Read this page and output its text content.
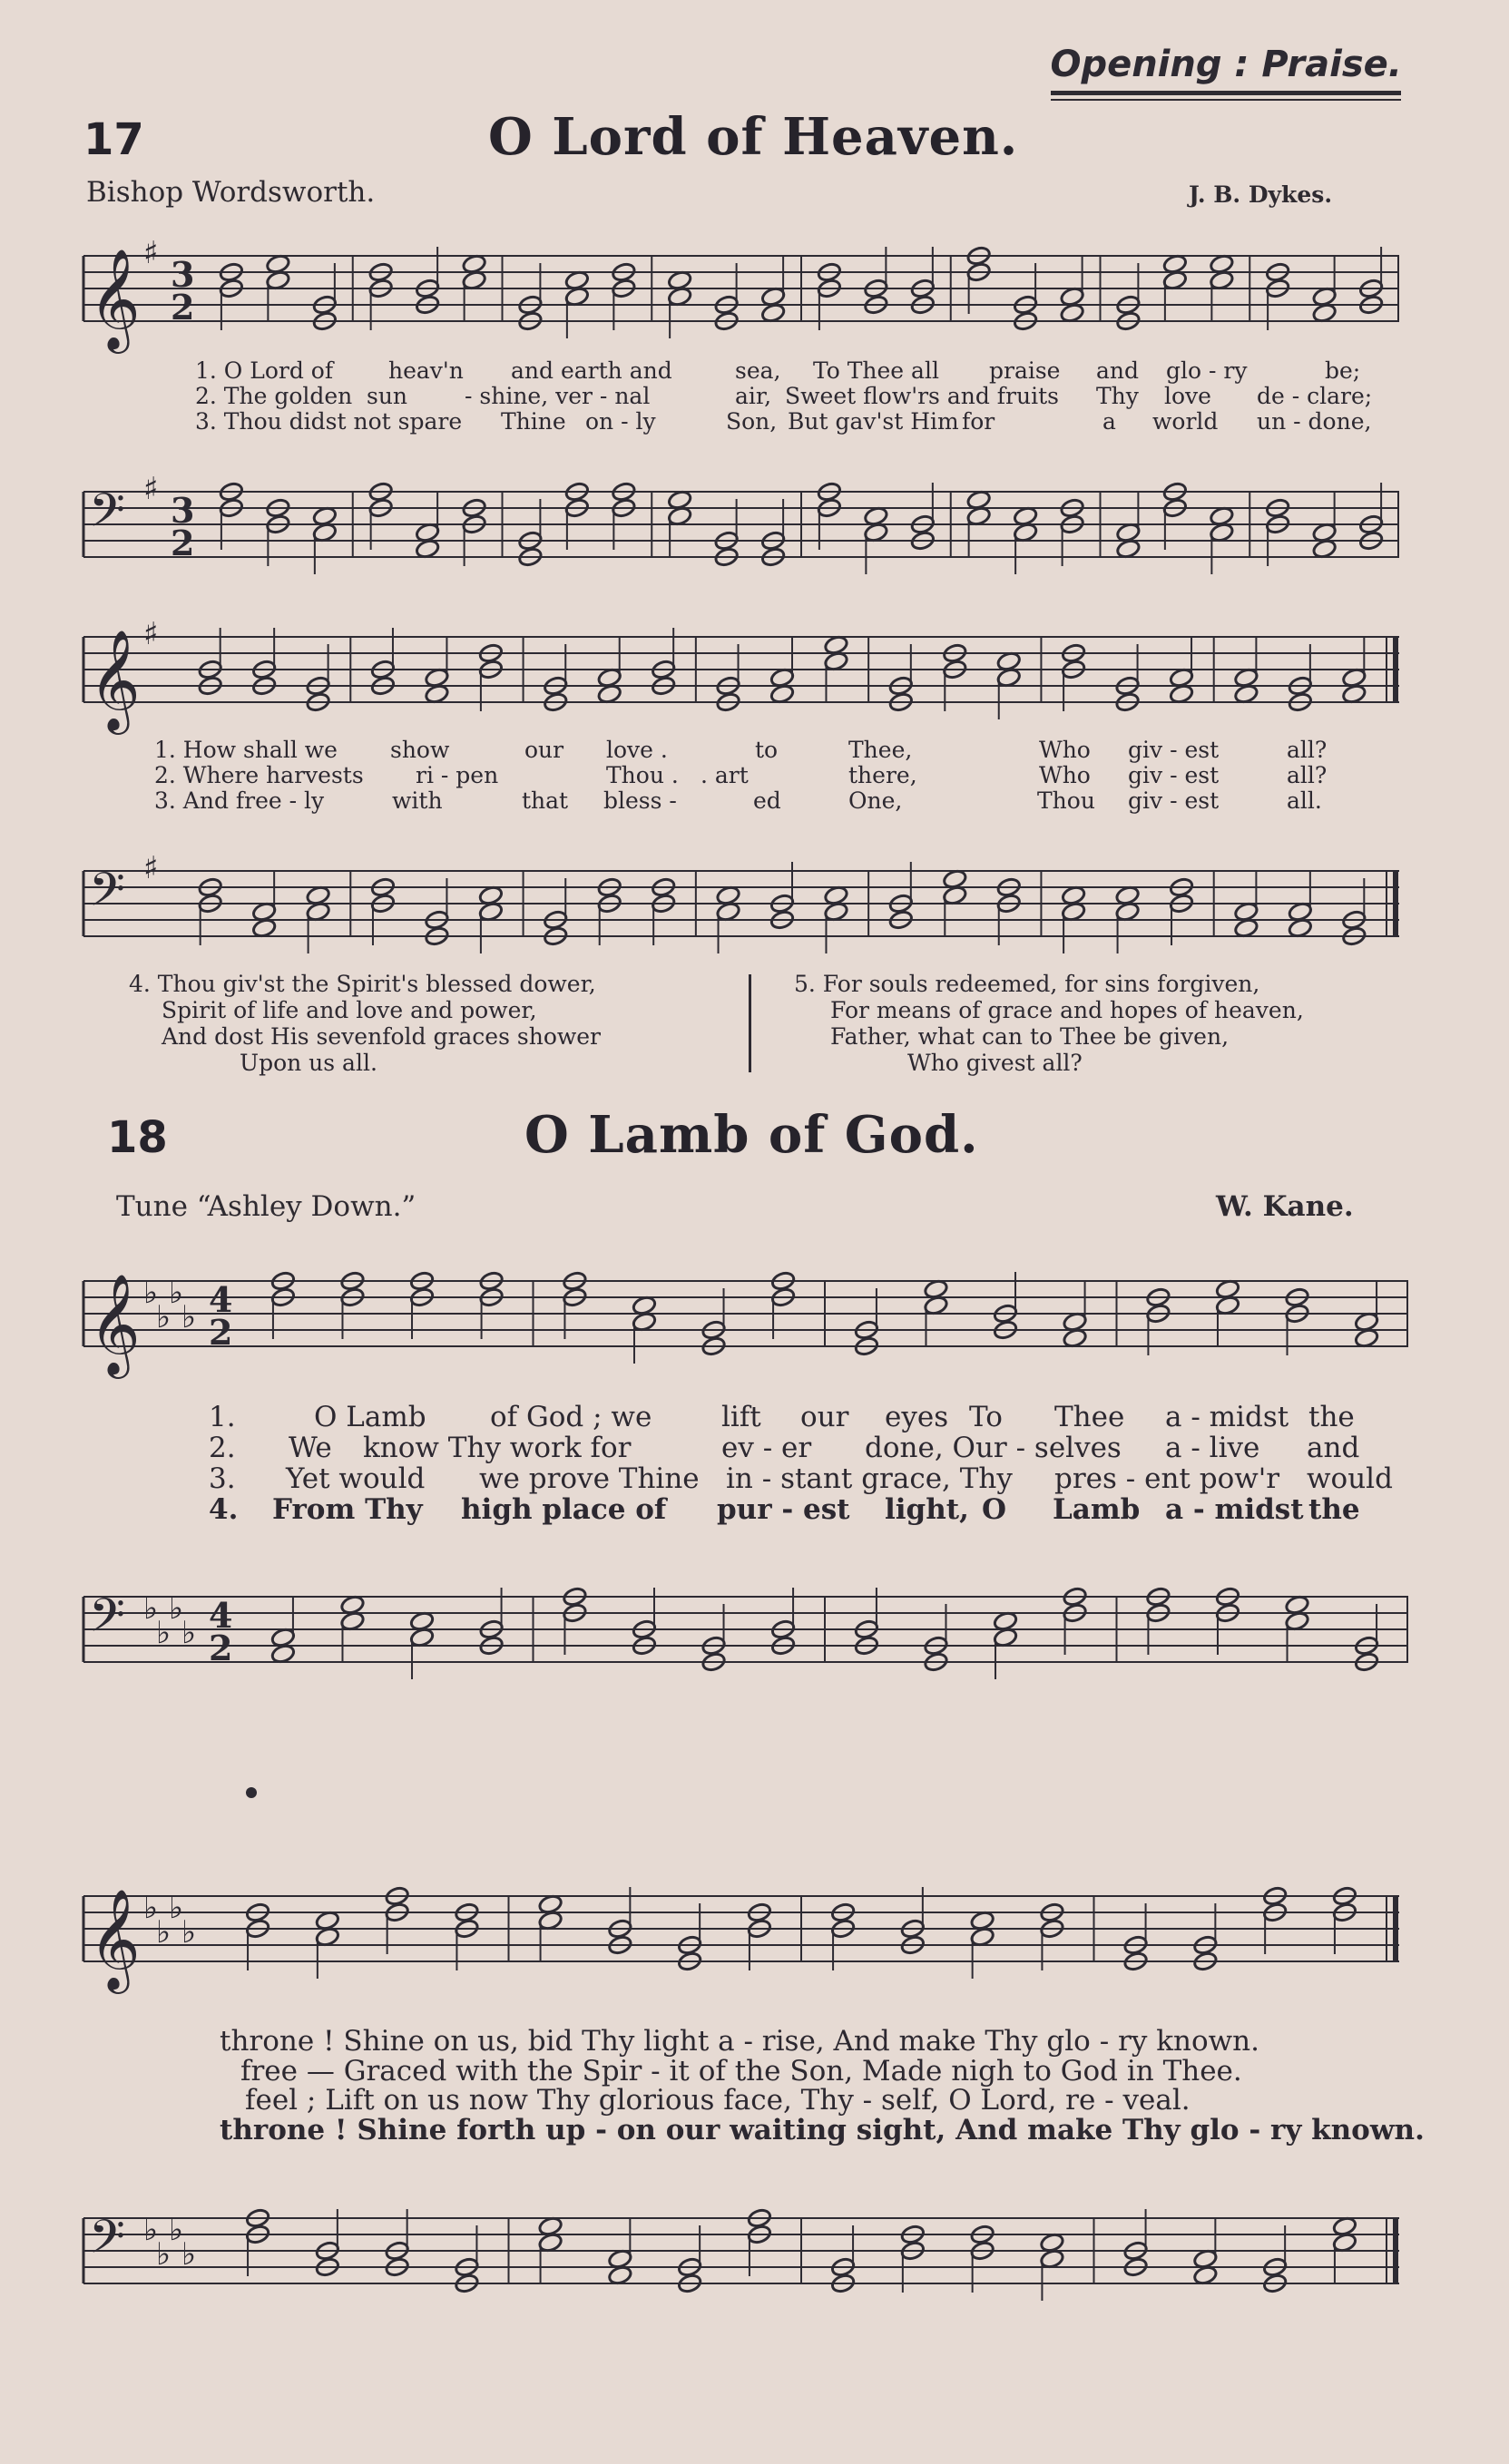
Opening : Praise.
17	O Lord of Heaven.
Bishop Wordsworth.	J. B. Dykes.
𝄞 ♯
3
2
𝄢 ♯
3
2
1. O Lord of heav'n and earth and	sea, To Thee all praise and glo - ry	be;
2. The golden sun	- shine, ver - nal	air, Sweet flow'rs and fruits Thy love de - clare;
3. Thou didst not spare Thine on - ly	Son, But gav'st Him for	a world un - done,
𝄞 ♯
𝄢 ♯
1. How shall we show	our love .	to	Thee,	Who giv - est	all?
2. Where harvests ri - pen	Thou . . art	there,	Who giv - est	all?
3. And free - ly	with	that bless -	ed	One,	Thou giv - est	all.
4. Thou giv'st the Spirit's blessed dower,
Spirit of life and love and power,
And dost His sevenfold graces shower
Upon us all.
5. For souls redeemed, for sins forgiven,
For means of grace and hopes of heaven,
Father, what can to Thee be given,
Who givest all?
18	O Lamb of God.
Tune “Ashley Down.”	W. Kane.
𝄞 ♭
♭
♭
♭ 4
2
𝄢 ♭
♭
♭
♭ 4
2
1.	O Lamb of God ; we lift our eyes To Thee a - midst the
2. We know Thy work for	ev - er done, Our - selves a - live and
3. Yet would we prove Thine in - stant grace, Thy pres - ent pow'r would
4. From Thy high place of pur - est light, O Lamb a - midst the
𝄞 ♭
♭
♭
♭
𝄢 ♭
♭
♭
♭
throne ! Shine on us, bid Thy light a - rise, And make Thy glo - ry known.
free — Graced with the Spir - it of the Son, Made nigh to God in Thee.
feel ; Lift on us now Thy glorious face, Thy - self, O Lord, re - veal.
throne ! Shine forth up - on our waiting sight, And make Thy glo - ry known.
